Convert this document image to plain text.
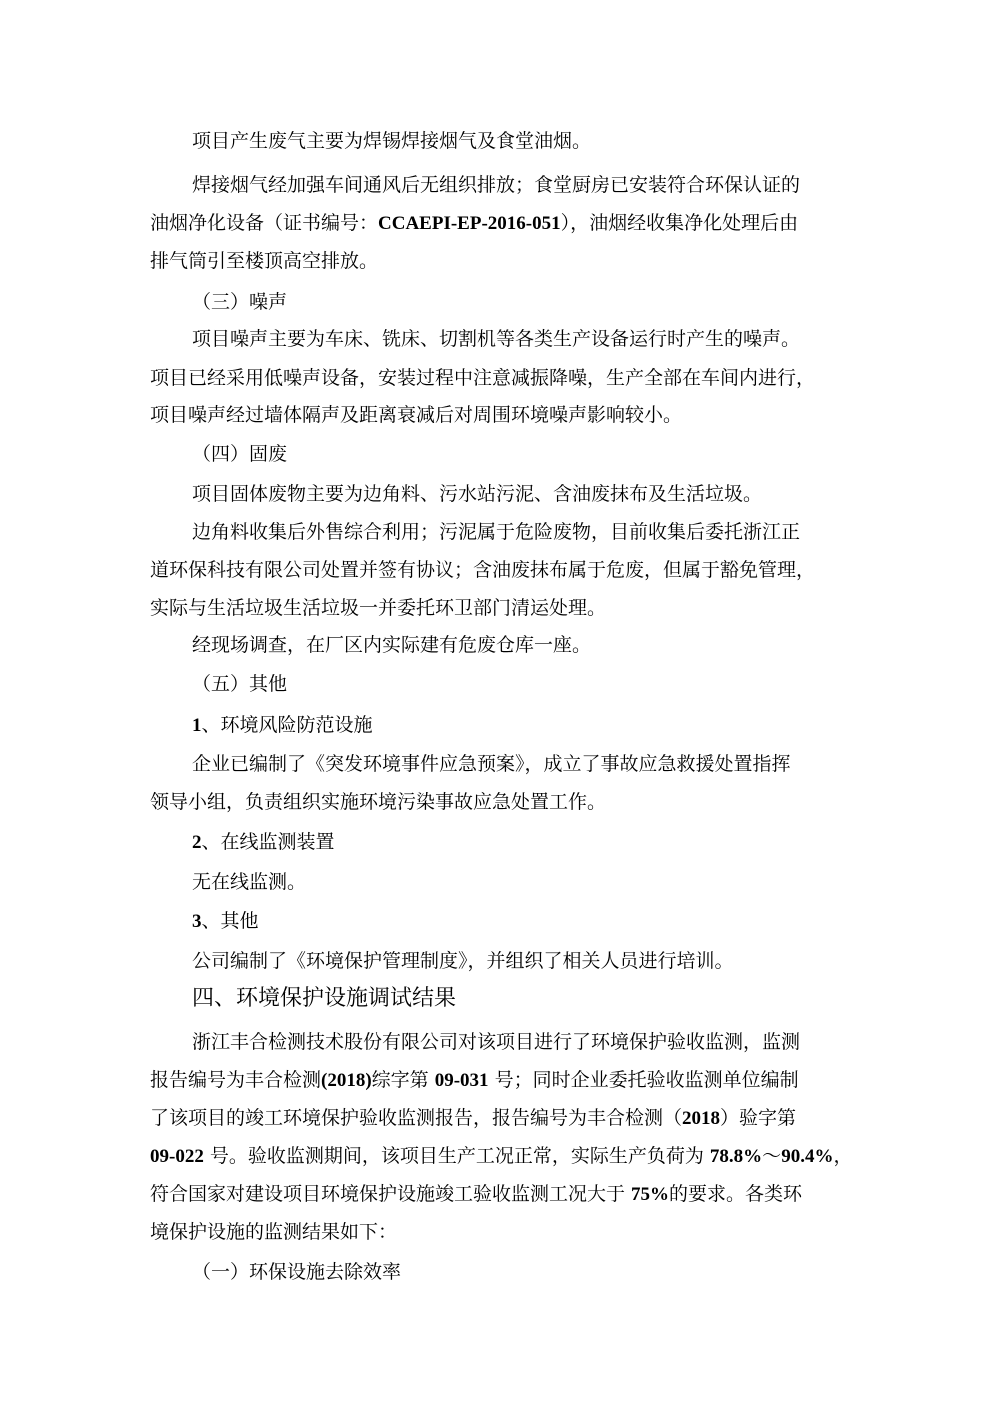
项目产生废气主要为焊锡焊接烟气及食堂油烟。
焊接烟气经加强车间通风后无组织排放；食堂厨房已安装符合环保认证的
油烟净化设备（证书编号：CCAEPI-EP-2016-051），油烟经收集净化处理后由
排气筒引至楼顶高空排放。
（三）噪声
项目噪声主要为车床、铣床、切割机等各类生产设备运行时产生的噪声。
项目已经采用低噪声设备，安装过程中注意减振降噪，生产全部在车间内进行，
项目噪声经过墙体隔声及距离衰减后对周围环境噪声影响较小。
（四）固废
项目固体废物主要为边角料、污水站污泥、含油废抹布及生活垃圾。
边角料收集后外售综合利用；污泥属于危险废物，目前收集后委托浙江正
道环保科技有限公司处置并签有协议；含油废抹布属于危废，但属于豁免管理，
实际与生活垃圾生活垃圾一并委托环卫部门清运处理。
经现场调查，在厂区内实际建有危废仓库一座。
（五）其他
1、环境风险防范设施
企业已编制了《突发环境事件应急预案》，成立了事故应急救援处置指挥
领导小组，负责组织实施环境污染事故应急处置工作。
2、在线监测装置
无在线监测。
3、其他
公司编制了《环境保护管理制度》，并组织了相关人员进行培训。
四、环境保护设施调试结果
浙江丰合检测技术股份有限公司对该项目进行了环境保护验收监测，监测
报告编号为丰合检测(2018)综字第 09-031 号；同时企业委托验收监测单位编制
了该项目的竣工环境保护验收监测报告，报告编号为丰合检测（2018）验字第
09-022 号。验收监测期间，该项目生产工况正常，实际生产负荷为 78.8%～90.4%，
符合国家对建设项目环境保护设施竣工验收监测工况大于 75%的要求。各类环
境保护设施的监测结果如下：
（一）环保设施去除效率
